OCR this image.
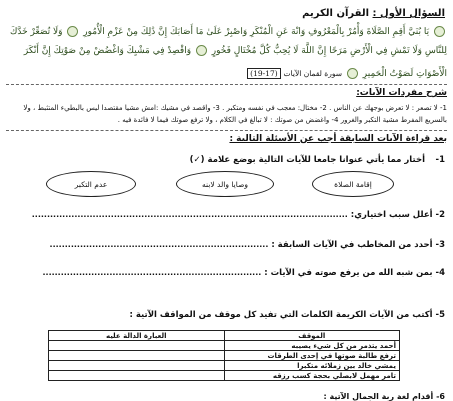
السؤال الأول : القرآن الكريم
يَا بُنَيَّ أَقِمِ الصَّلَاةَ وَأْمُرْ بِالْمَعْرُوفِ وَانْهَ عَنِ الْمُنْكَرِ وَاصْبِرْ عَلَىٰ مَا أَصَابَكَ إِنَّ ذَٰلِكَ مِنْ عَزْمِ الْأُمُورِ  وَلَا تُصَعِّرْ خَدَّكَ
لِلنَّاسِ وَلَا تَمْشِ فِي الْأَرْضِ مَرَحًا إِنَّ اللَّهَ لَا يُحِبُّ كُلَّ مُخْتَالٍ فَخُورٍ  وَاقْصِدْ فِي مَشْيِكَ وَاغْضُضْ مِنْ صَوْتِكَ إِنَّ أَنْكَرَ
الْأَصْوَاتِ لَصَوْتُ الْحَمِيرِ  سورة لقمان الآيات (17-19)
شرح مفردات الآيات:
1- لا تصعر : لا تعرض بوجهك عن الناس . 2- مختال: معجب في نفسه ومتكبر . 3- واقصد في مشيك :امش مشيا مقتصدا ليس بالبطيء المتثبط ، ولا
بالسريع المفرط مشية التكبر والغرور 4- واغضض من صوتك : لا تبالغ في الكلام ، ولا ترفع صوتك فيما لا فائدة فيه .
بعد قراءة الآيات السابقة أجب عن الأسئلة التالية :
أختار مما يأتي عنوانا جامعا للآيات التالية بوضع علامة (✓)	1-
إقامة الصلاة
وصايا والد لابنه
عدم التكبر
2- أعلل سبب اختياري: ........................................................................................................
3- أحدد من المخاطب في الآيات السابقة : ........................................................................
4- بمن شبه الله من يرفع صوته في الآيات : ........................................................................
5- أكتب من الآيات الكريمة الكلمات التي تفيد كل موقف من المواقف الآتية :
الموقف	العبارة الدالة عليه
أحمد يتذمر من كل شيء يصيبه	
ترفع طالبة صوتها في إحدى الطرقات	
يمشي خالد بين زملائه متكبرا	
تامر مهمل لابصلي بحجة كسب رزقه	
6- أقدام لغة ربة الجمال الآتية :
